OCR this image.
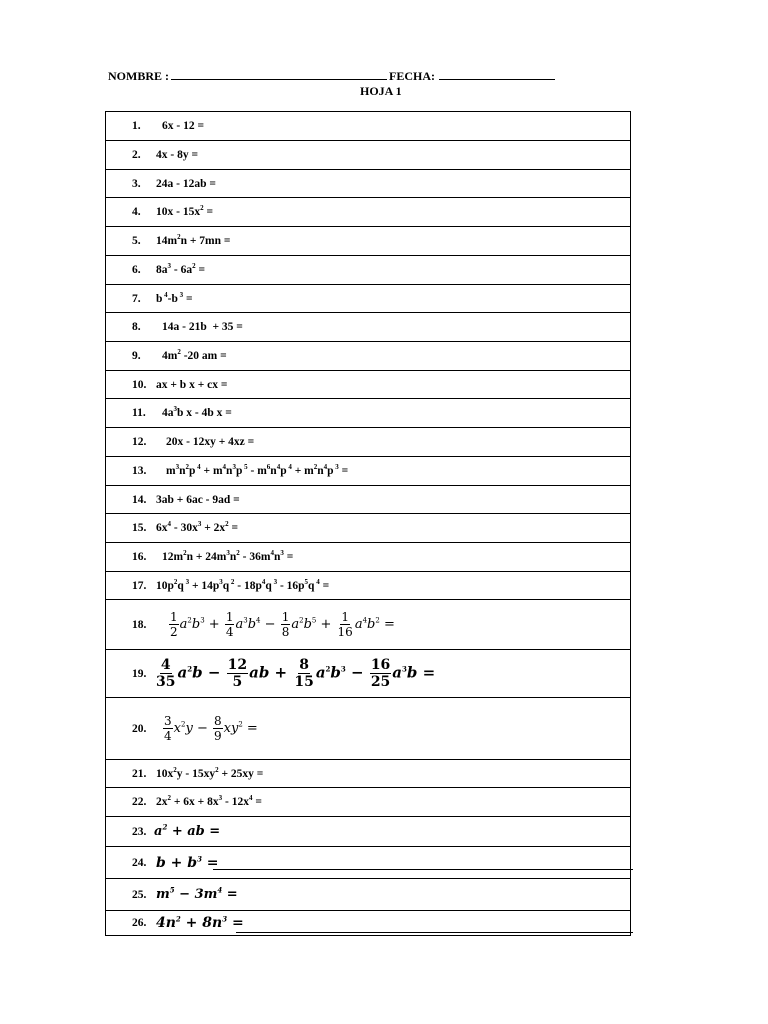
NOMBRE :	FECHA:
HOJA 1
1. 6x - 12 =
2. 4x - 8y =
3. 24a - 12ab =
4. $10x - 15x^2$ =
5. $14m^2n + 7mn$ =
6. $8a^3 - 6a^2$ =
7. b $^4$-b $^3$ =
8. 14a - 21b  + 35 =
9. $4m^2$ -20 am =
10. ax + b x + cx =
11. $4a^3b$ x - 4b x =
12. 20x - 12xy + 4xz =
13. $m^3n^2p$ $^4 + m^4n^3p$ $^5 - m^6n^4p$ $^4 + m^2n^4p$ $^3$ =
14. 3ab + 6ac - 9ad =
15. $6x^4 - 30x^3 + 2x^2$ =
16. $12m^2n + 24m^3n^2 - 36m^4n^3$ =
17. $10p^2q$ $^3 + 14p^3q$ $^2 - 18p^4q$ $^3 - 16p^5q$ $^4$ =
18. $\frac{1}{2} a^2b^3 + \frac{1}{4} a^3b^4 - \frac{1}{8} a^2b^5 + \frac{1}{16} a^4b^2$ =
19. $\frac{4}{35} a^2b - \frac{12}{5}$ ab + $\frac{8}{15} a^2b^3 - \frac{16}{25} a^3b$ =
20. $\frac{3}{4} x^2y - \frac{8}{9} xy^2$ =
21. $10x^2y - 15xy^2 + 25xy$ =
22. $2x^2 + 6x + 8x^3 - 12x^4$ =
23. $a^2$ + ab =
24. $b + b^3$ =
25. $m^5 - 3m^4$ =
26. $4n^2 + 8n^3$ =
